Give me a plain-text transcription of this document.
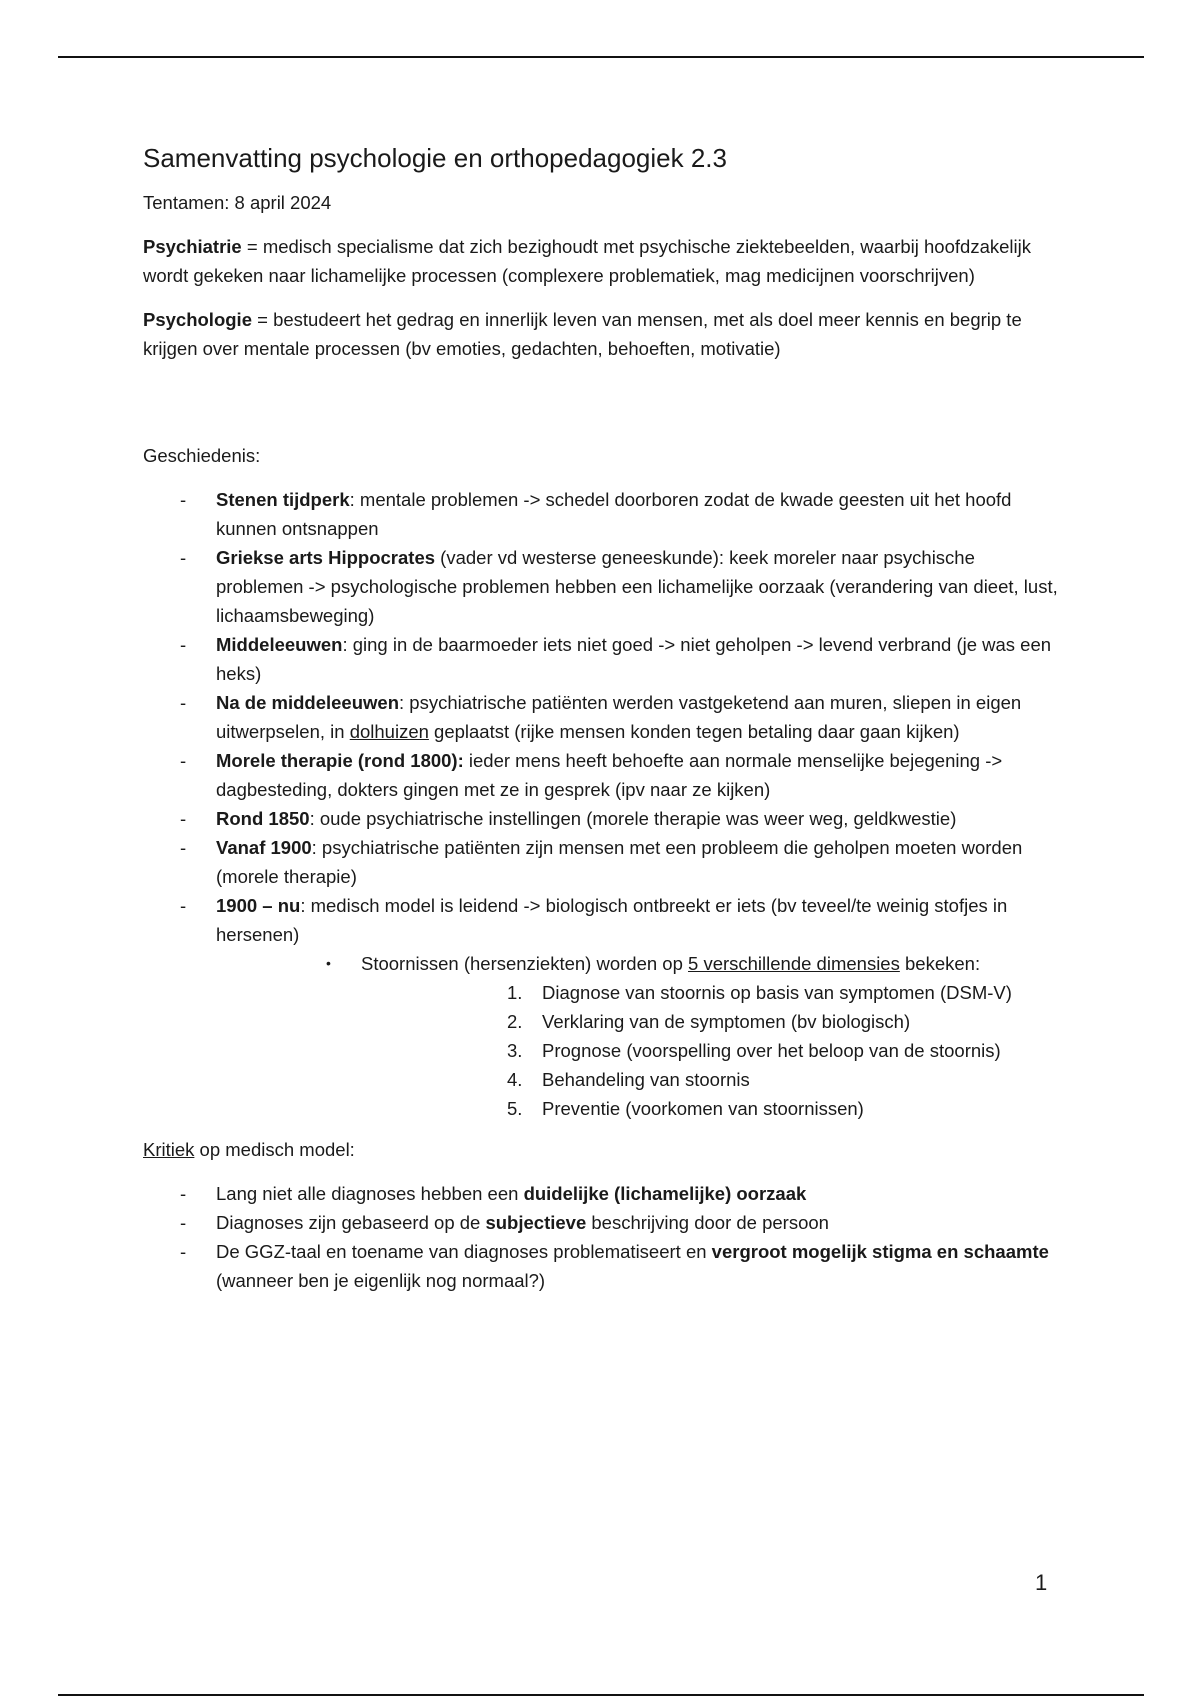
Samenvatting psychologie en orthopedagogiek 2.3

Tentamen: 8 april 2024

Psychiatrie = medisch specialisme dat zich bezighoudt met psychische ziektebeelden, waarbij hoofdzakelijk wordt gekeken naar lichamelijke processen (complexere problematiek, mag medicijnen voorschrijven)

Psychologie = bestudeert het gedrag en innerlijk leven van mensen, met als doel meer kennis en begrip te krijgen over mentale processen (bv emoties, gedachten, behoeften, motivatie)

Geschiedenis:

- Stenen tijdperk: mentale problemen -> schedel doorboren zodat de kwade geesten uit het hoofd kunnen ontsnappen
- Griekse arts Hippocrates (vader vd westerse geneeskunde): keek moreler naar psychische problemen -> psychologische problemen hebben een lichamelijke oorzaak (verandering van dieet, lust, lichaamsbeweging)
- Middeleeuwen: ging in de baarmoeder iets niet goed -> niet geholpen -> levend verbrand (je was een heks)
- Na de middeleeuwen: psychiatrische patiënten werden vastgeketend aan muren, sliepen in eigen uitwerpselen, in dolhuizen geplaatst (rijke mensen konden tegen betaling daar gaan kijken)
- Morele therapie (rond 1800): ieder mens heeft behoefte aan normale menselijke bejegening -> dagbesteding, dokters gingen met ze in gesprek (ipv naar ze kijken)
- Rond 1850: oude psychiatrische instellingen (morele therapie was weer weg, geldkwestie)
- Vanaf 1900: psychiatrische patiënten zijn mensen met een probleem die geholpen moeten worden (morele therapie)
- 1900 – nu: medisch model is leidend -> biologisch ontbreekt er iets (bv teveel/te weinig stofjes in hersenen)
• Stoornissen (hersenziekten) worden op 5 verschillende dimensies bekeken:
1. Diagnose van stoornis op basis van symptomen (DSM-V)
2. Verklaring van de symptomen (bv biologisch)
3. Prognose (voorspelling over het beloop van de stoornis)
4. Behandeling van stoornis
5. Preventie (voorkomen van stoornissen)

Kritiek op medisch model:

- Lang niet alle diagnoses hebben een duidelijke (lichamelijke) oorzaak
- Diagnoses zijn gebaseerd op de subjectieve beschrijving door de persoon
- De GGZ-taal en toename van diagnoses problematiseert en vergroot mogelijk stigma en schaamte (wanneer ben je eigenlijk nog normaal?)
1
